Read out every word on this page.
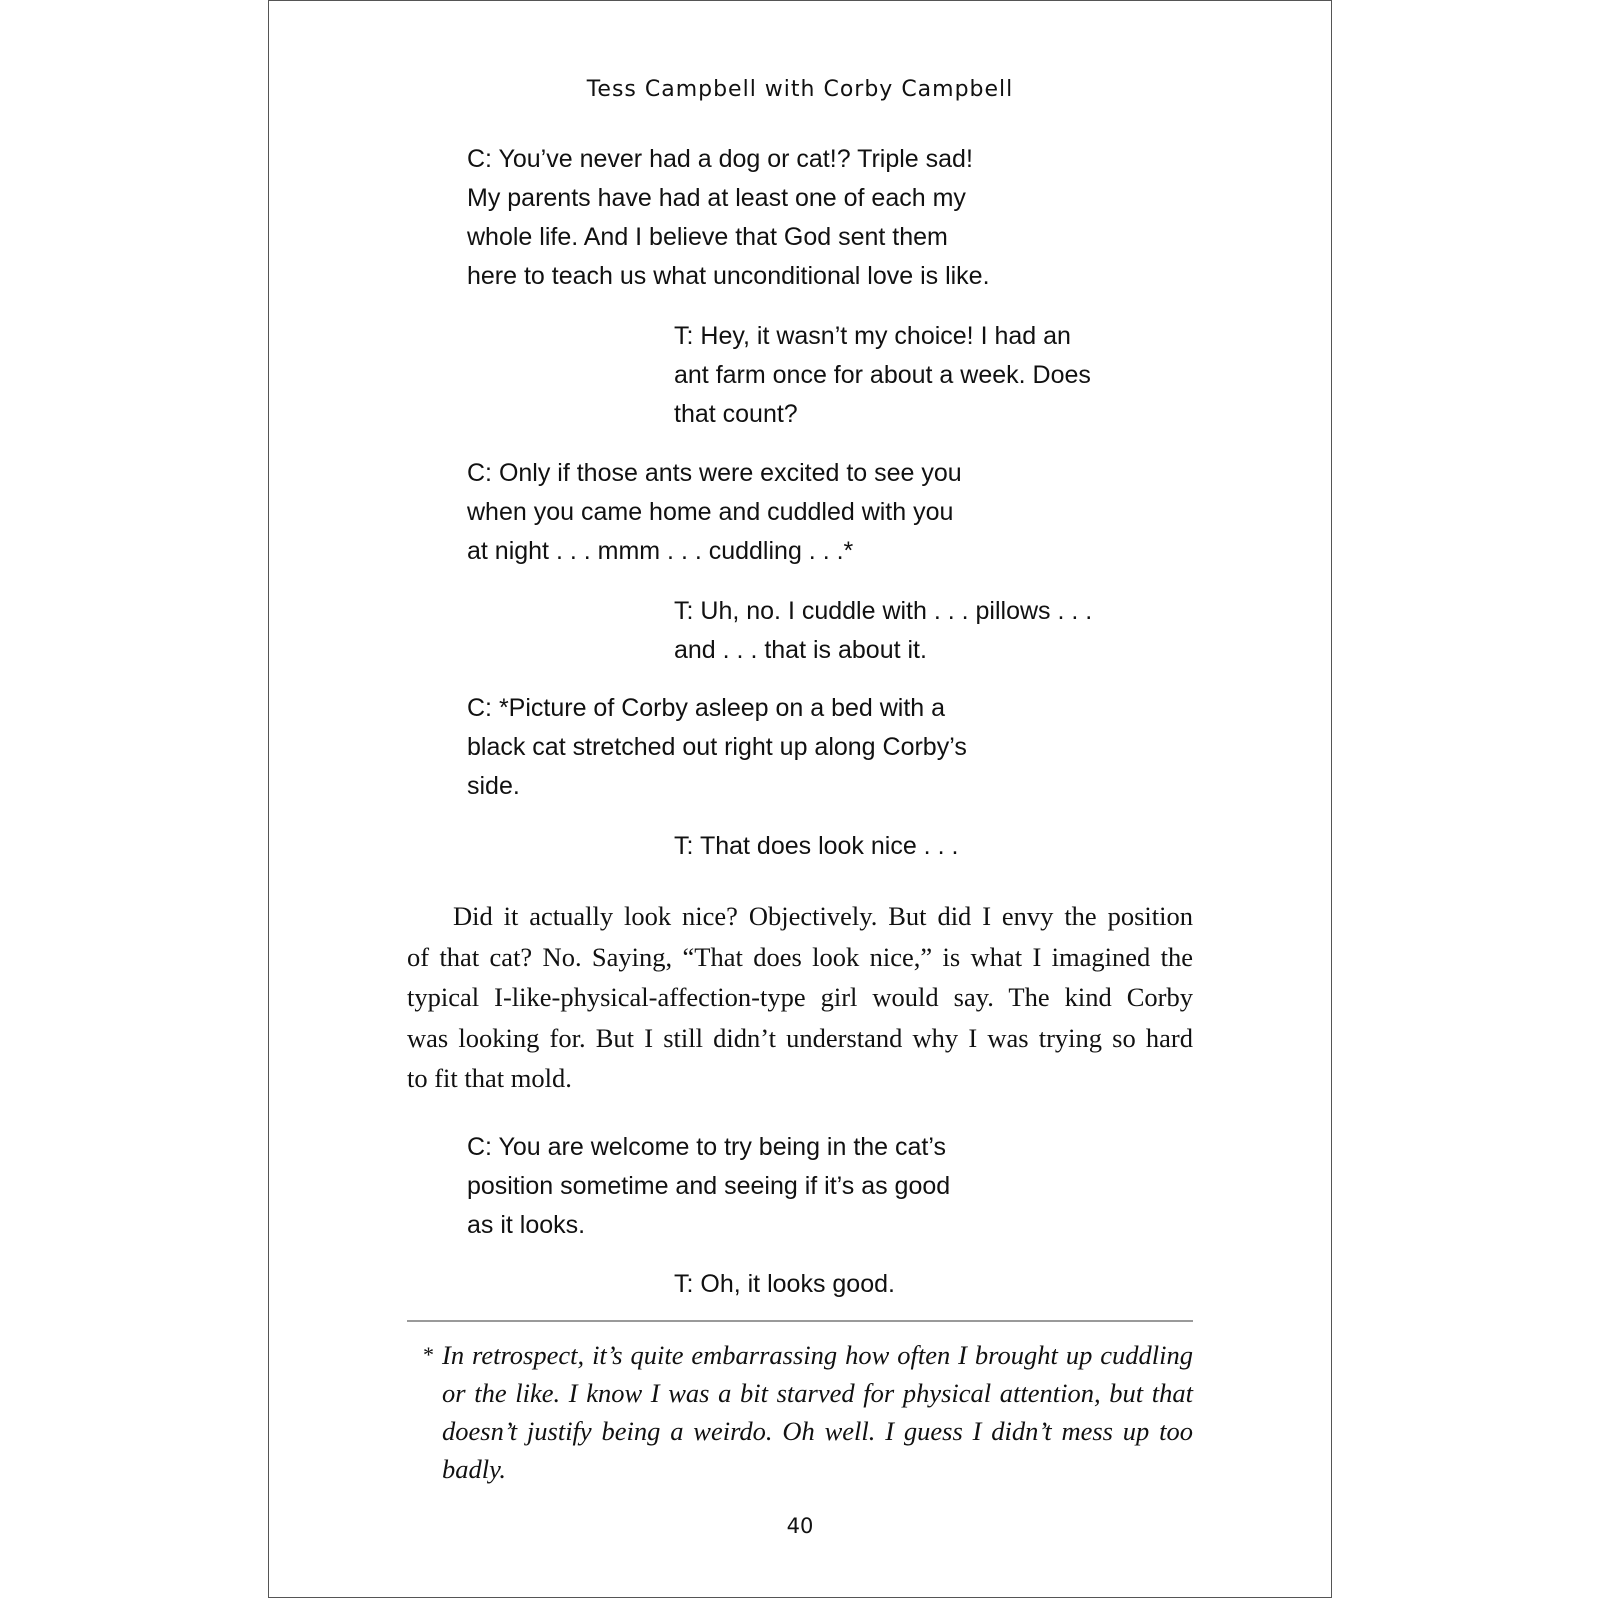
Tess Campbell with Corby Campbell
C: You’ve never had a dog or cat!? Triple sad!
My parents have had at least one of each my
whole life. And I believe that God sent them
here to teach us what unconditional love is like.
T: Hey, it wasn’t my choice! I had an
ant farm once for about a week. Does
that count?
C: Only if those ants were excited to see you
when you came home and cuddled with you
at night . . . mmm . . . cuddling . . .*
T: Uh, no. I cuddle with . . . pillows . . .
and . . . that is about it.
C: *Picture of Corby asleep on a bed with a
black cat stretched out right up along Corby’s
side.
T: That does look nice . . .
Did it actually look nice? Objectively. But did I envy the position
of that cat? No. Saying, “That does look nice,” is what I imagined the
typical I-like-physical-affection-type girl would say. The kind Corby
was looking for. But I still didn’t understand why I was trying so hard
to fit that mold.
C: You are welcome to try being in the cat’s
position sometime and seeing if it’s as good
as it looks.
T: Oh, it looks good.
* In retrospect, it’s quite embarrassing how often I brought up cuddling
or the like. I know I was a bit starved for physical attention, but that
doesn’t justify being a weirdo. Oh well. I guess I didn’t mess up too
badly.
40
